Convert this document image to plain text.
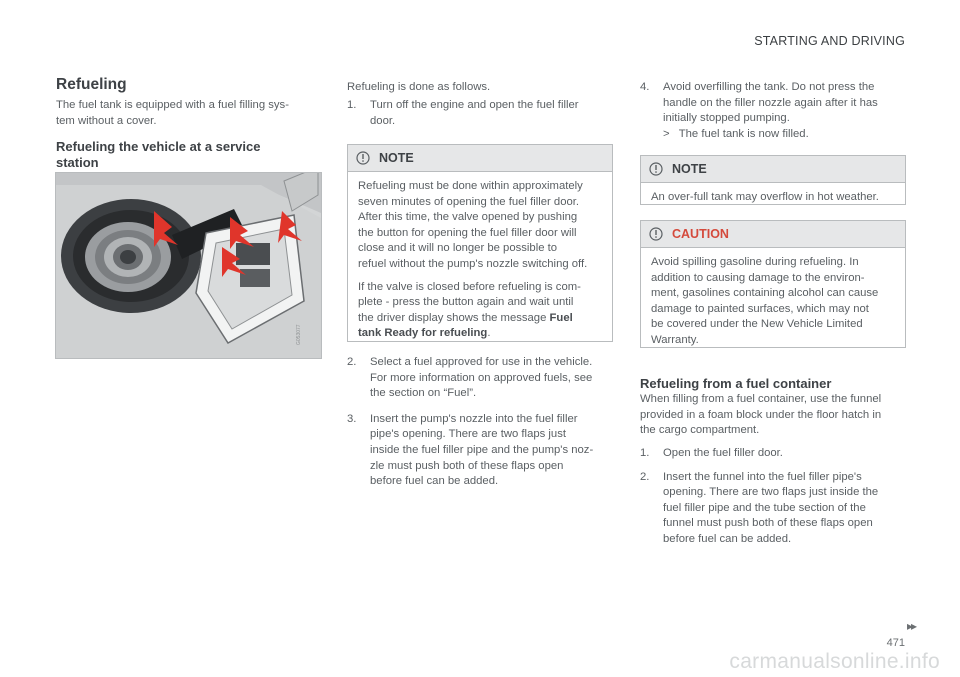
STARTING AND DRIVING
Refueling
The fuel tank is equipped with a fuel filling sys-
tem without a cover.
Refueling the vehicle at a service
station
G053077
Refueling is done as follows.
1. Turn off the engine and open the fuel filler
door.
NOTE

Refueling must be done within approximately
seven minutes of opening the fuel filler door.
After this time, the valve opened by pushing
the button for opening the fuel filler door will
close and it will no longer be possible to
refuel without the pump's nozzle switching off.

If the valve is closed before refueling is com-
plete - press the button again and wait until
the driver display shows the message Fuel
tank Ready for refueling.

2. Select a fuel approved for use in the vehicle.
For more information on approved fuels, see
the section on “Fuel”.
3. Insert the pump's nozzle into the fuel filler
pipe's opening. There are two flaps just
inside the fuel filler pipe and the pump's noz-
zle must push both of these flaps open
before fuel can be added.
4. Avoid overfilling the tank. Do not press the
handle on the filler nozzle again after it has
initially stopped pumping.
> The fuel tank is now filled.
NOTE

An over-full tank may overflow in hot weather.

CAUTION

Avoid spilling gasoline during refueling. In
addition to causing damage to the environ-
ment, gasolines containing alcohol can cause
damage to painted surfaces, which may not
be covered under the New Vehicle Limited
Warranty.

Refueling from a fuel container
When filling from a fuel container, use the funnel
provided in a foam block under the floor hatch in
the cargo compartment.
1. Open the fuel filler door.
2. Insert the funnel into the fuel filler pipe's
opening. There are two flaps just inside the
fuel filler pipe and the tube section of the
funnel must push both of these flaps open
before fuel can be added.
▸▸
471
carmanualsonline.info
